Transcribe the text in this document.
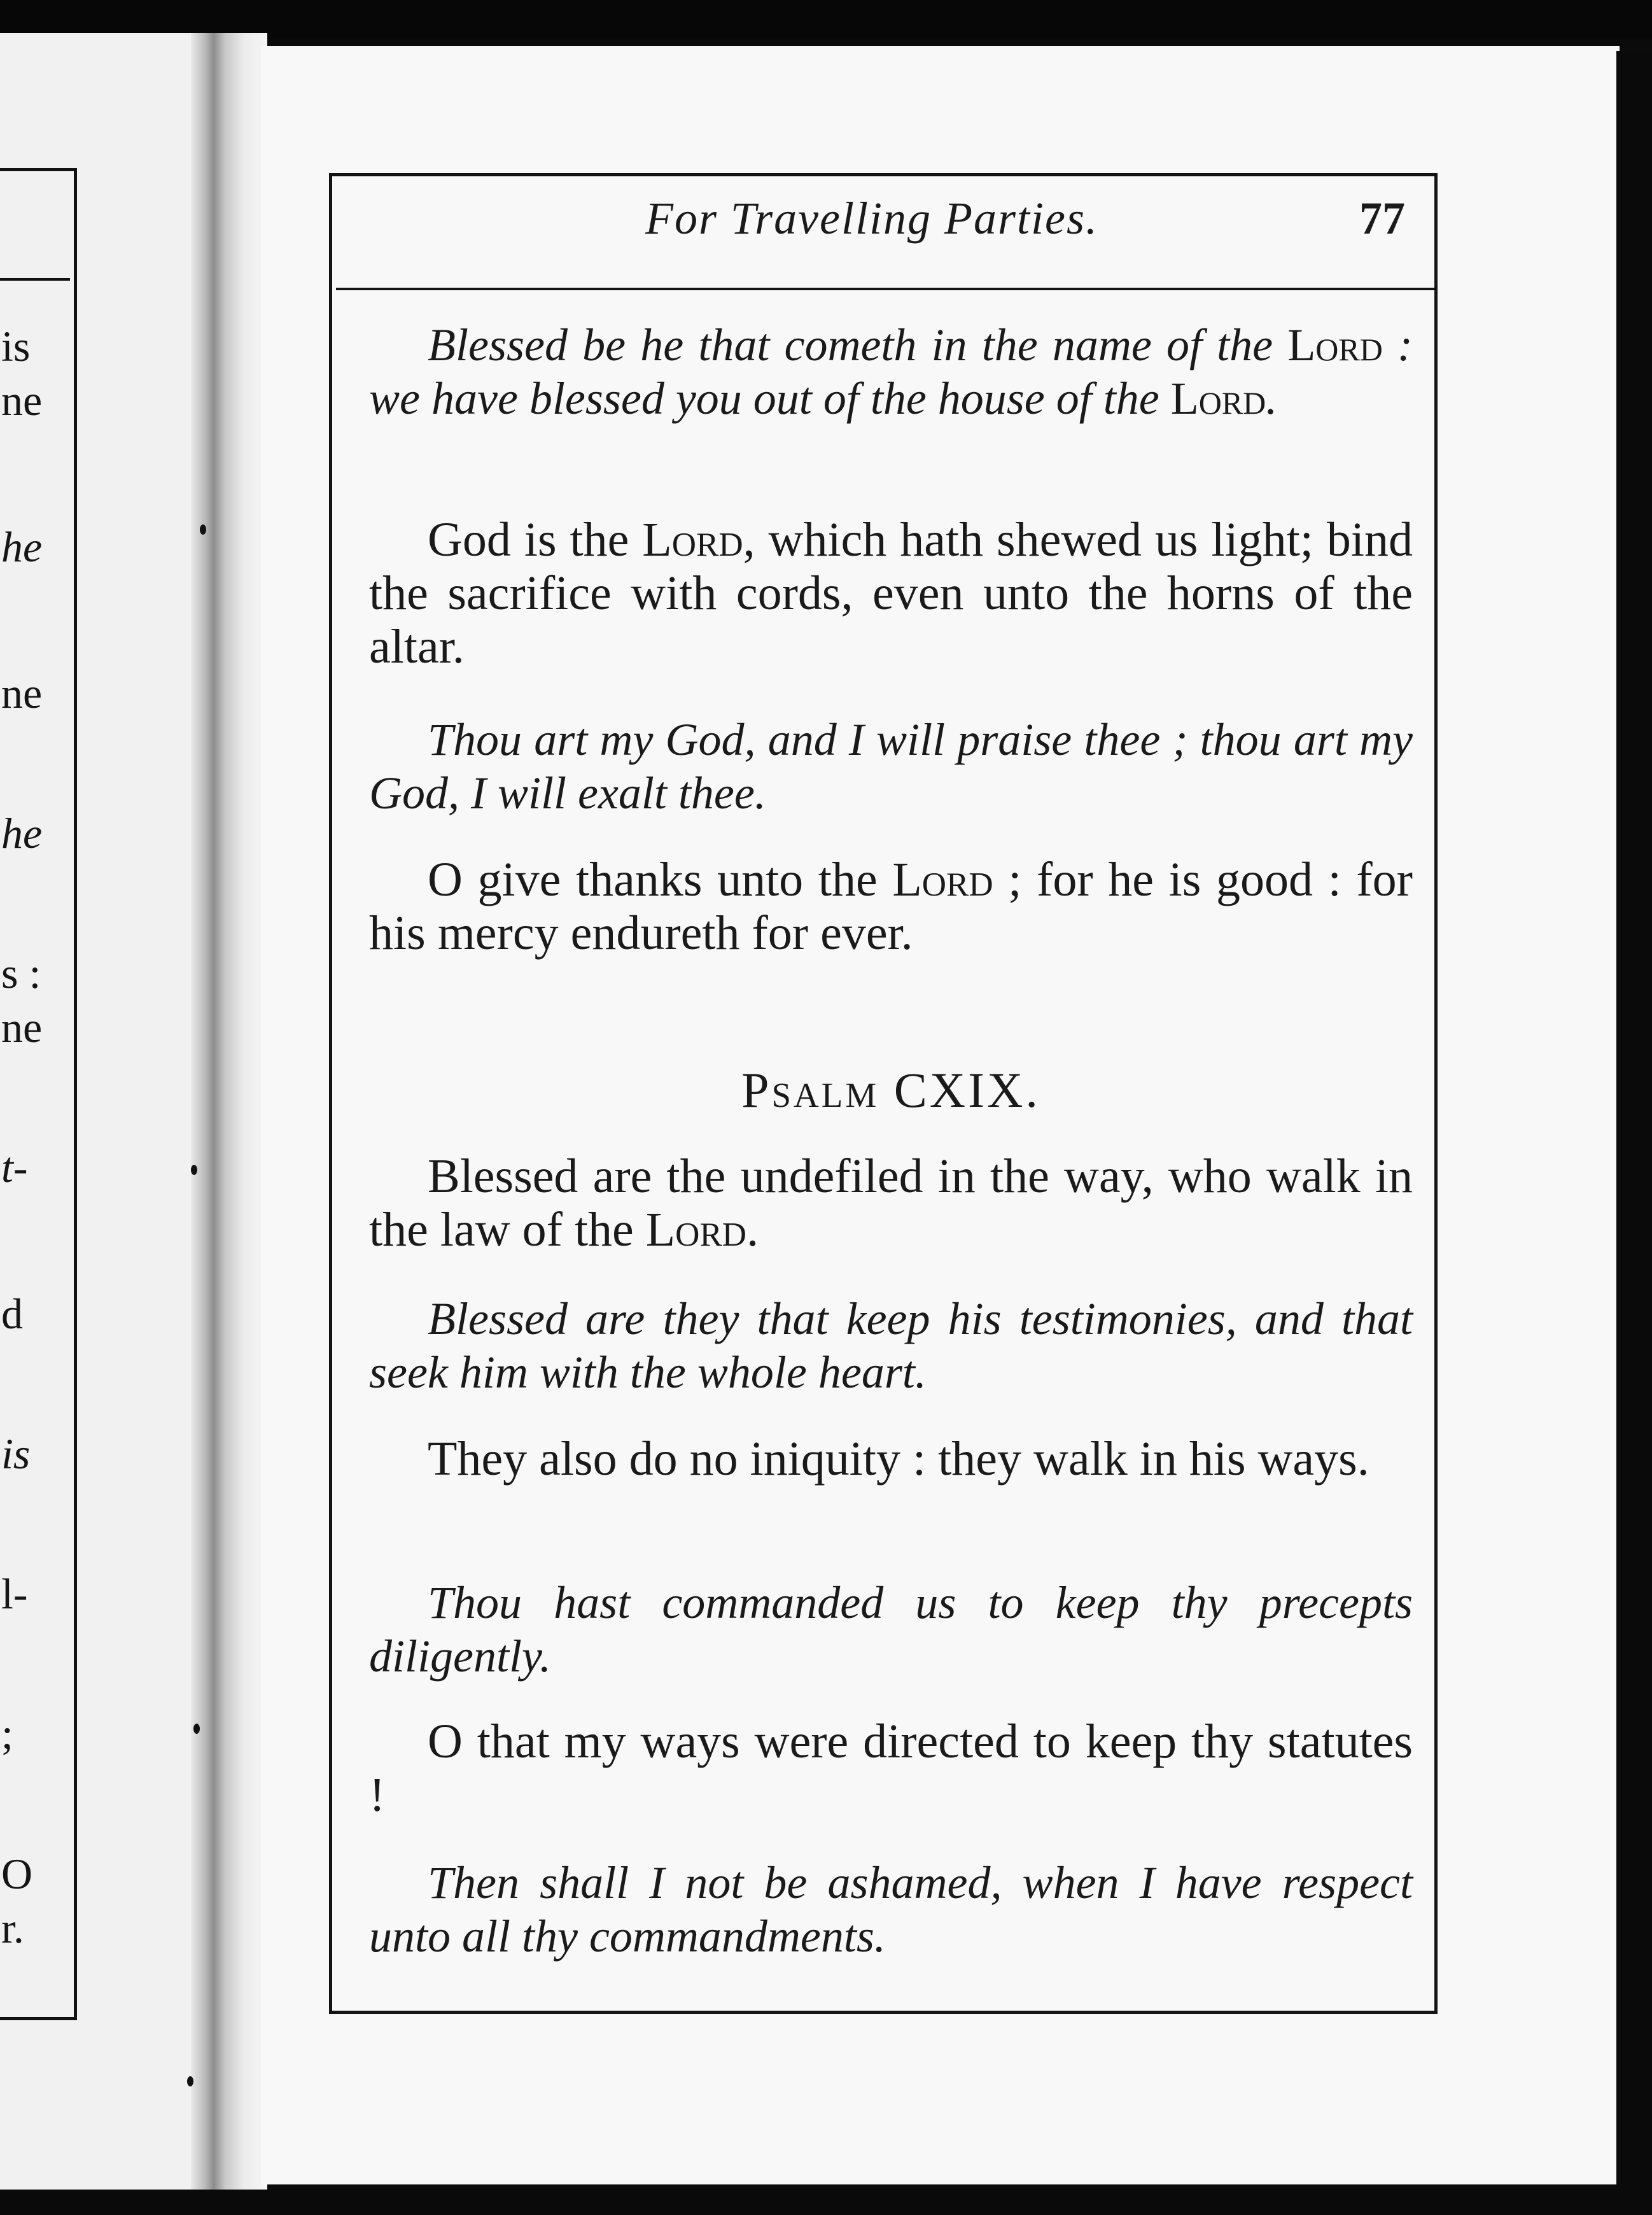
is
ne
he
ne
he
s :
ne
t-
d
is
l-
;
O
r.
For Travelling Parties.	77

Blessed be he that cometh in the name of the Lord : we have blessed you out of the house of the Lord.

God is the Lord, which hath shewed us light; bind the sacrifice with cords, even unto the horns of the altar.

Thou art my God, and I will praise thee ; thou art my God, I will exalt thee.

O give thanks unto the Lord ; for he is good : for his mercy endureth for ever.

Psalm CXIX.

Blessed are the undefiled in the way, who walk in the law of the Lord.

Blessed are they that keep his testimonies, and that seek him with the whole heart.

They also do no iniquity : they walk in his ways.

Thou hast commanded us to keep thy precepts diligently.

O that my ways were directed to keep thy statutes !

Then shall I not be ashamed, when I have respect unto all thy commandments.
